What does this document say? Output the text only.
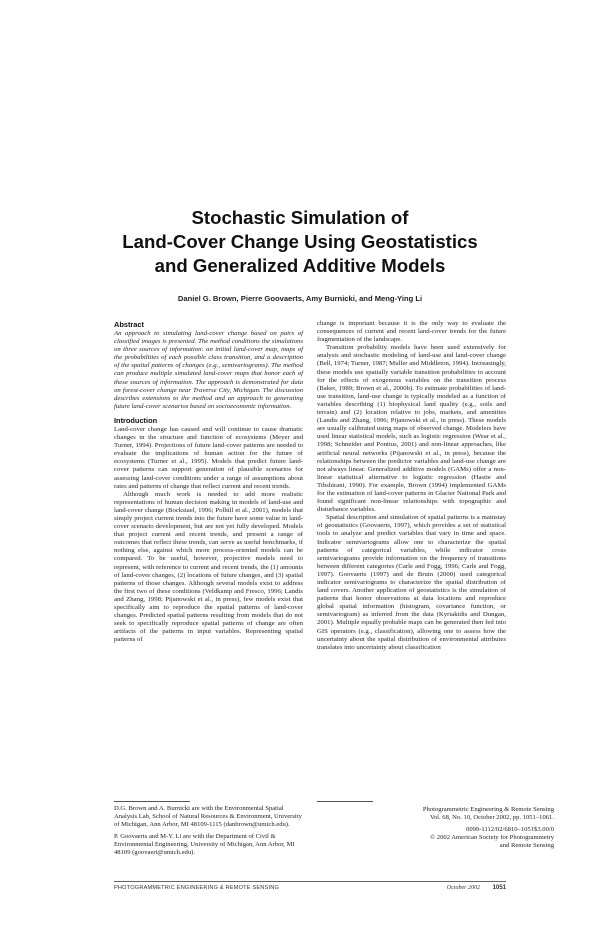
Stochastic Simulation of
Land-Cover Change Using Geostatistics
and Generalized Additive Models
Daniel G. Brown, Pierre Goovaerts, Amy Burnicki, and Meng-Ying Li
Abstract

An approach to simulating land-cover change based on pairs of classified images is presented. The method conditions the simulations on three sources of information: an initial land-cover map, maps of the probabilities of each possible class transition, and a description of the spatial patterns of changes (e.g., semivariograms). The method can produce multiple simulated land-cover maps that honor each of these sources of information. The approach is demonstrated for data on forest-cover change near Traverse City, Michigan. The discussion describes extensions to the method and an approach to generating future land-cover scenarios based on socioeconomic information.

Introduction

Land-cover change has caused and will continue to cause dramatic changes in the structure and function of ecosystems (Meyer and Turner, 1994). Projections of future land-cover patterns are needed to evaluate the implications of human action for the future of ecosystems (Turner et al., 1995). Models that predict future land-cover patterns can support generation of plausible scenarios for assessing land-cover conditions under a range of assumptions about rates and patterns of change that reflect current and recent trends.

Although much work is needed to add more realistic representations of human decision making in models of land-use and land-cover change (Bockstael, 1996; Polhill et al., 2001), models that simply project current trends into the future have some value in land-cover scenario development, but are not yet fully developed. Models that project current and recent trends, and present a range of outcomes that reflect these trends, can serve as useful benchmarks, if nothing else, against which more process-oriented models can be compared. To be useful, however, projective models need to represent, with reference to current and recent trends, the (1) amounts of land-cover changes, (2) locations of future changes, and (3) spatial patterns of those changes. Although several models exist to address the first two of these conditions (Veldkamp and Fresco, 1996; Landis and Zhang, 1998; Pijanowski et al., in press), few models exist that specifically aim to reproduce the spatial patterns of land-cover changes. Predicted spatial patterns resulting from models that do not seek to specifically reproduce spatial patterns of change are often artifacts of the patterns in input variables. Representing spatial patterns of

change is important because it is the only way to evaluate the consequences of current and recent land-cover trends for the future fragmentation of the landscape.

Transition probability models have been used extensively for analysis and stochastic modeling of land-use and land-cover change (Bell, 1974; Turner, 1987; Muller and Middleton, 1994). Increasingly, these models use spatially variable transition probabilities to account for the effects of exogenous variables on the transition process (Baker, 1989; Brown et al., 2000b). To estimate probabilities of land-use transition, land-use change is typically modeled as a function of variables describing (1) biophysical land quality (e.g., soils and terrain) and (2) location relative to jobs, markets, and amenities (Landis and Zhang, 1996; Pijanowski et al., in press). These models are usually calibrated using maps of observed change. Modelers have used linear statistical models, such as logistic regression (Wear et al., 1998; Schneider and Pontius, 2001) and non-linear approaches, like artificial neural networks (Pijanowski et al., in press), because the relationships between the predictor variables and land-use change are not always linear. Generalized additive models (GAMs) offer a non-linear statistical alternative to logistic regression (Hastie and Tibshirani, 1990). For example, Brown (1994) implemented GAMs for the estimation of land-cover patterns in Glacier National Park and found significant non-linear relationships with topographic and disturbance variables.

Spatial description and simulation of spatial patterns is a mainstay of geostatistics (Goovaerts, 1997), which provides a set of statistical tools to analyze and predict variables that vary in time and space. Indicator semivariograms allow one to characterize the spatial patterns of categorical variables, while indicator cross semivariograms provide information on the frequency of transitions between different categories (Carle and Fogg, 1996; Carle and Fogg, 1997). Goovaerts (1997) and de Bruin (2000) used categorical indicator semivariograms to characterize the spatial distribution of land covers. Another application of geostatistics is the simulation of patterns that honor observations at data locations and reproduce global spatial information (histogram, covariance function, or semivariogram) as inferred from the data (Kyriakidis and Dungan, 2001). Multiple equally probable maps can be generated then fed into GIS operators (e.g., classification), allowing one to assess how the uncertainty about the spatial distribution of environmental attributes translates into uncertainty about classification

D.G. Brown and A. Burnicki are with the Environmental Spatial Analysis Lab, School of Natural Resources & Environment, University of Michigan, Ann Arbor, MI 48109-1115 (danbrown@umich.edu).

P. Goovaerts and M-Y. Li are with the Department of Civil & Environmental Engineering, University of Michigan, Ann Arbor, MI 48109 (goovaert@umich.edu).

Photogrammetric Engineering & Remote Sensing

Vol. 68, No. 10, October 2002, pp. 1051–1061.

0099-1112/02/6810–1051$3.00/0

© 2002 American Society for Photogrammetry

and Remote Sensing

PHOTOGRAMMETRIC ENGINEERING & REMOTE SENSING	October 2002 1051
